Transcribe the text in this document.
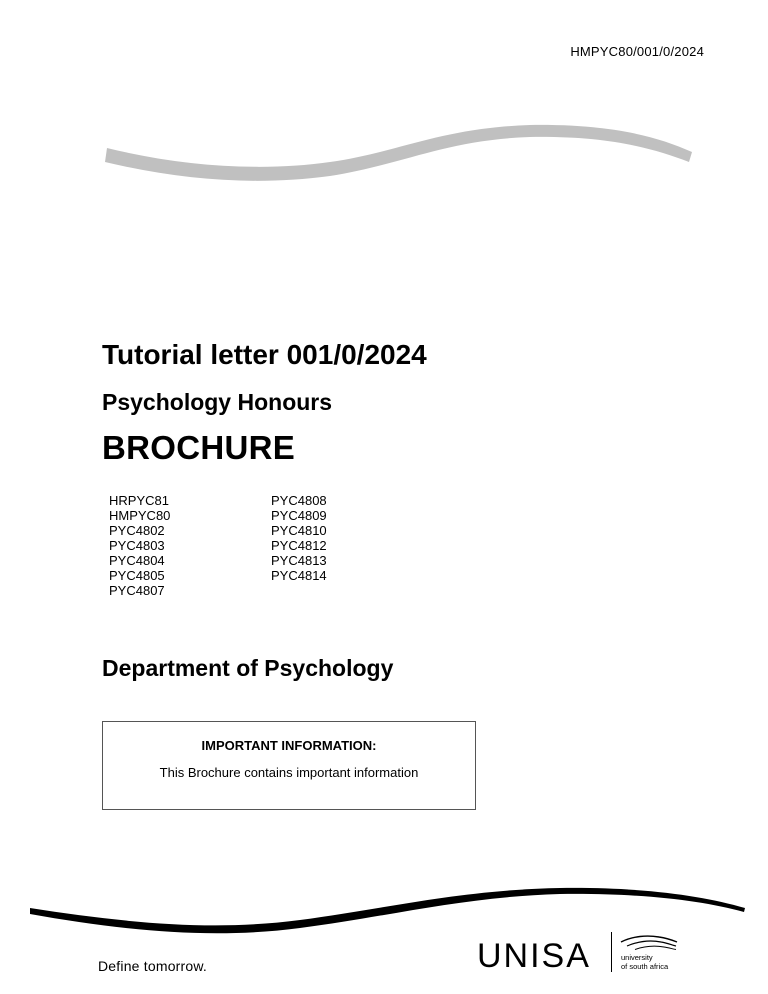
HMPYC80/001/0/2024
Tutorial letter 001/0/2024
Psychology Honours
BROCHURE
HRPYC81
HMPYC80
PYC4802
PYC4803
PYC4804
PYC4805
PYC4807
PYC4808
PYC4809
PYC4810
PYC4812
PYC4813
PYC4814
Department of Psychology
IMPORTANT INFORMATION:
This Brochure contains important information
Define tomorrow.	UNISA	university
of south africa
